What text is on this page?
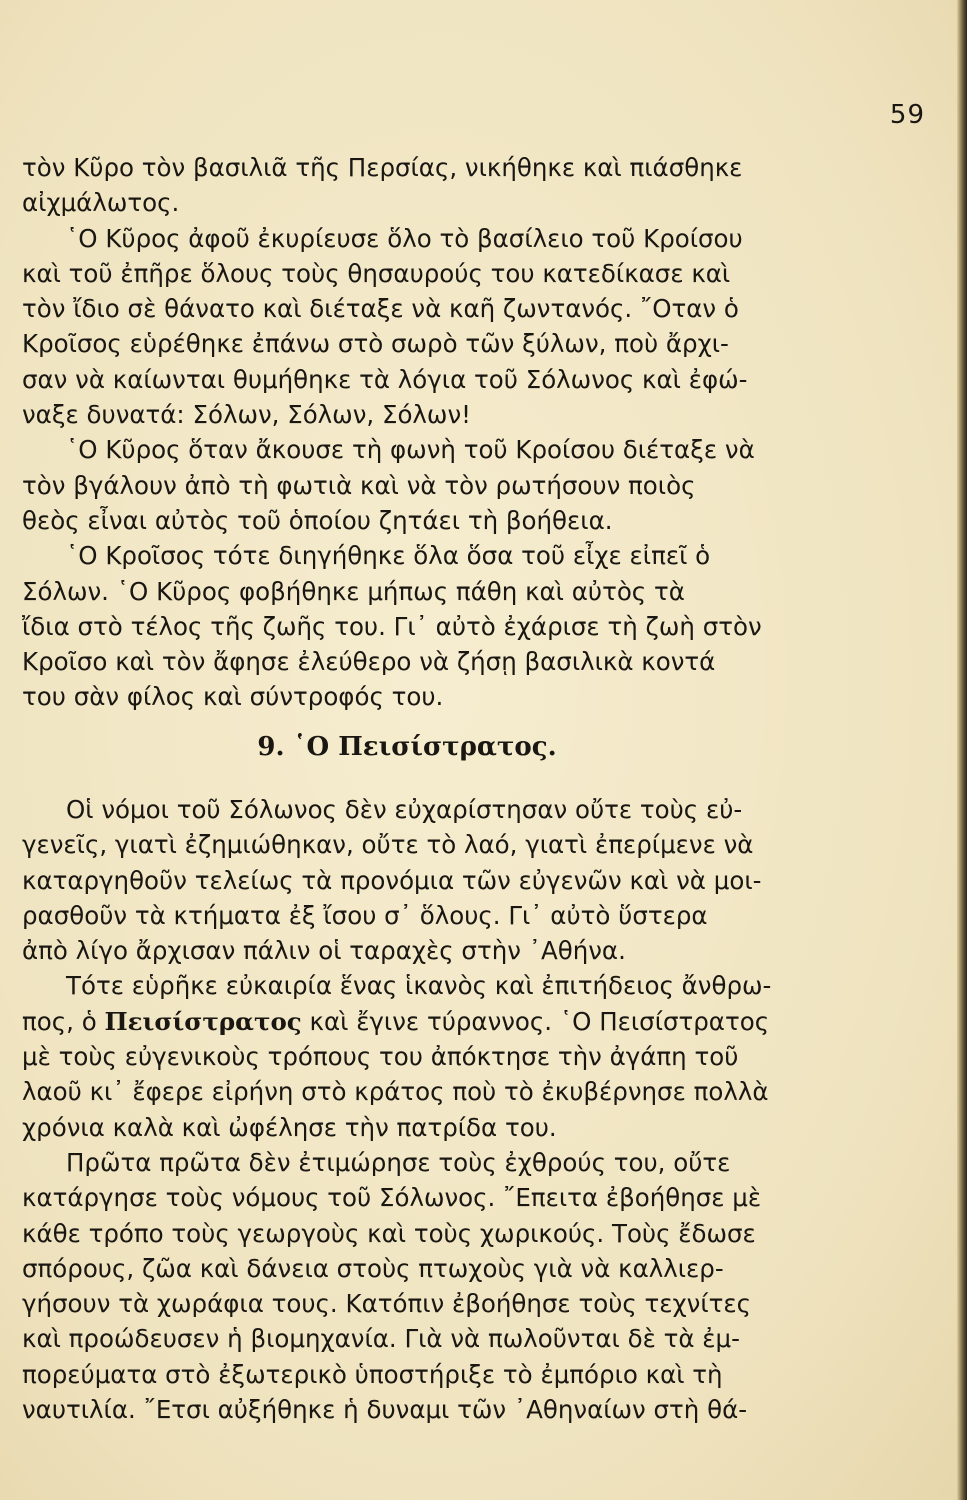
59
τὸν Κῦρο τὸν βασιλιᾶ τῆς Περσίας, νικήθηκε καὶ πιάσθηκε
αἰχμάλωτος.
῾Ο Κῦρος ἀφοῦ ἐκυρίευσε ὅλο τὸ βασίλειο τοῦ Κροίσου
καὶ τοῦ ἐπῆρε ὅλους τοὺς θησαυρούς του κατεδίκασε καὶ
τὸν ἴδιο σὲ θάνατο καὶ διέταξε νὰ καῆ ζωντανός. ῎Οταν ὁ
Κροῖσος εὑρέθηκε ἐπάνω στὸ σωρὸ τῶν ξύλων, ποὺ ἄρχι-
σαν νὰ καίωνται θυμήθηκε τὰ λόγια τοῦ Σόλωνος καὶ ἐφώ-
ναξε δυνατά: Σόλων, Σόλων, Σόλων!
῾Ο Κῦρος ὅταν ἄκουσε τὴ φωνὴ τοῦ Κροίσου διέταξε νὰ
τὸν βγάλουν ἀπὸ τὴ φωτιὰ καὶ νὰ τὸν ρωτήσουν ποιὸς
θεὸς εἶναι αὐτὸς τοῦ ὁποίου ζητάει τὴ βοήθεια.
῾Ο Κροῖσος τότε διηγήθηκε ὅλα ὅσα τοῦ εἶχε εἰπεῖ ὁ
Σόλων. ῾Ο Κῦρος φοβήθηκε μήπως πάθη καὶ αὐτὸς τὰ
ἴδια στὸ τέλος τῆς ζωῆς του. Γι᾽ αὐτὸ ἐχάρισε τὴ ζωὴ στὸν
Κροῖσο καὶ τὸν ἄφησε ἐλεύθερο νὰ ζήσῃ βασιλικὰ κοντά
του σὰν φίλος καὶ σύντροφός του.
9. ῾Ο Πεισίστρατος.
Οἱ νόμοι τοῦ Σόλωνος δὲν εὐχαρίστησαν οὔτε τοὺς εὐ-
γενεῖς, γιατὶ ἐζημιώθηκαν, οὔτε τὸ λαό, γιατὶ ἐπερίμενε νὰ
καταργηθοῦν τελείως τὰ προνόμια τῶν εὐγενῶν καὶ νὰ μοι-
ρασθοῦν τὰ κτήματα ἐξ ἴσου σ᾽ ὅλους. Γι᾽ αὐτὸ ὕστερα
ἀπὸ λίγο ἄρχισαν πάλιν οἱ ταραχὲς στὴν ᾽Αθήνα.
Τότε εὑρῆκε εὐκαιρία ἕνας ἱκανὸς καὶ ἐπιτήδειος ἄνθρω-
πος, ὁ Πεισίστρατος καὶ ἔγινε τύραννος. ῾Ο Πεισίστρατος
μὲ τοὺς εὐγενικοὺς τρόπους του ἀπόκτησε τὴν ἀγάπη τοῦ
λαοῦ κι᾽ ἔφερε εἰρήνη στὸ κράτος ποὺ τὸ ἐκυβέρνησε πολλὰ
χρόνια καλὰ καὶ ὠφέλησε τὴν πατρίδα του.
Πρῶτα πρῶτα δὲν ἐτιμώρησε τοὺς ἐχθρούς του, οὔτε
κατάργησε τοὺς νόμους τοῦ Σόλωνος. ῎Επειτα ἐβοήθησε μὲ
κάθε τρόπο τοὺς γεωργοὺς καὶ τοὺς χωρικούς. Τοὺς ἔδωσε
σπόρους, ζῶα καὶ δάνεια στοὺς πτωχοὺς γιὰ νὰ καλλιερ-
γήσουν τὰ χωράφια τους. Κατόπιν ἐβοήθησε τοὺς τεχνίτες
καὶ προώδευσεν ἡ βιομηχανία. Γιὰ νὰ πωλοῦνται δὲ τὰ ἐμ-
πορεύματα στὸ ἐξωτερικὸ ὑποστήριξε τὸ ἐμπόριο καὶ τὴ
ναυτιλία. ῎Ετσι αὐξήθηκε ἡ δυναμι τῶν ᾽Αθηναίων στὴ θά-
